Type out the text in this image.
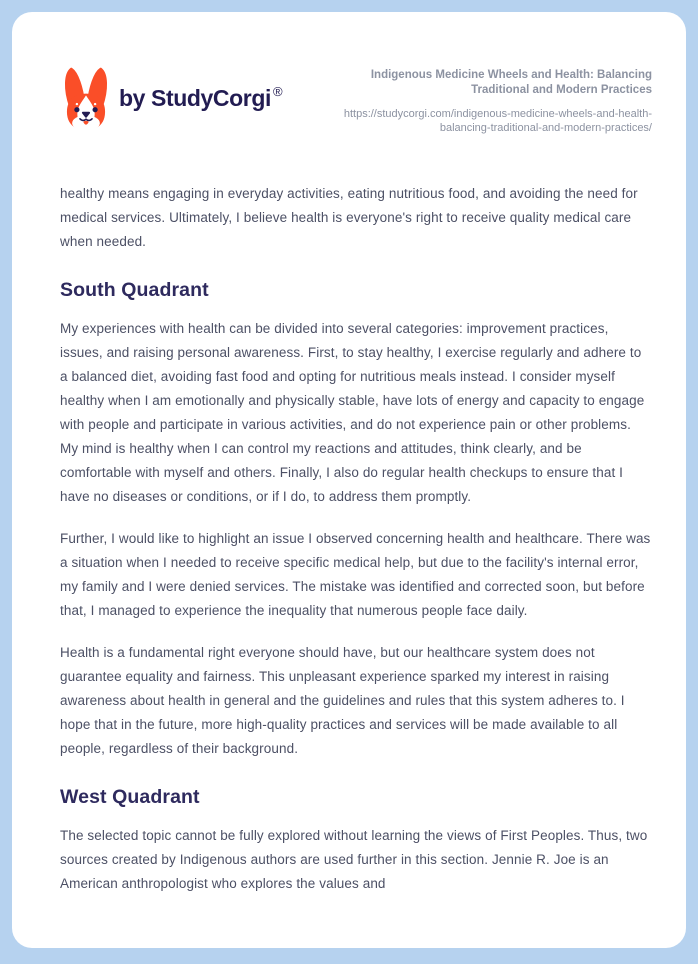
by StudyCorgi ®
Indigenous Medicine Wheels and Health: Balancing Traditional and Modern Practices
https://studycorgi.com/indigenous-medicine-wheels-and-health-balancing-traditional-and-modern-practices/

healthy means engaging in everyday activities, eating nutritious food, and avoiding the need for medical services. Ultimately, I believe health is everyone's right to receive quality medical care when needed.

South Quadrant

My experiences with health can be divided into several categories: improvement practices, issues, and raising personal awareness. First, to stay healthy, I exercise regularly and adhere to a balanced diet, avoiding fast food and opting for nutritious meals instead. I consider myself healthy when I am emotionally and physically stable, have lots of energy and capacity to engage with people and participate in various activities, and do not experience pain or other problems. My mind is healthy when I can control my reactions and attitudes, think clearly, and be comfortable with myself and others. Finally, I also do regular health checkups to ensure that I have no diseases or conditions, or if I do, to address them promptly.

Further, I would like to highlight an issue I observed concerning health and healthcare. There was a situation when I needed to receive specific medical help, but due to the facility's internal error, my family and I were denied services. The mistake was identified and corrected soon, but before that, I managed to experience the inequality that numerous people face daily.

Health is a fundamental right everyone should have, but our healthcare system does not guarantee equality and fairness. This unpleasant experience sparked my interest in raising awareness about health in general and the guidelines and rules that this system adheres to. I hope that in the future, more high-quality practices and services will be made available to all people, regardless of their background.

West Quadrant

The selected topic cannot be fully explored without learning the views of First Peoples. Thus, two sources created by Indigenous authors are used further in this section. Jennie R. Joe is an American anthropologist who explores the values and
